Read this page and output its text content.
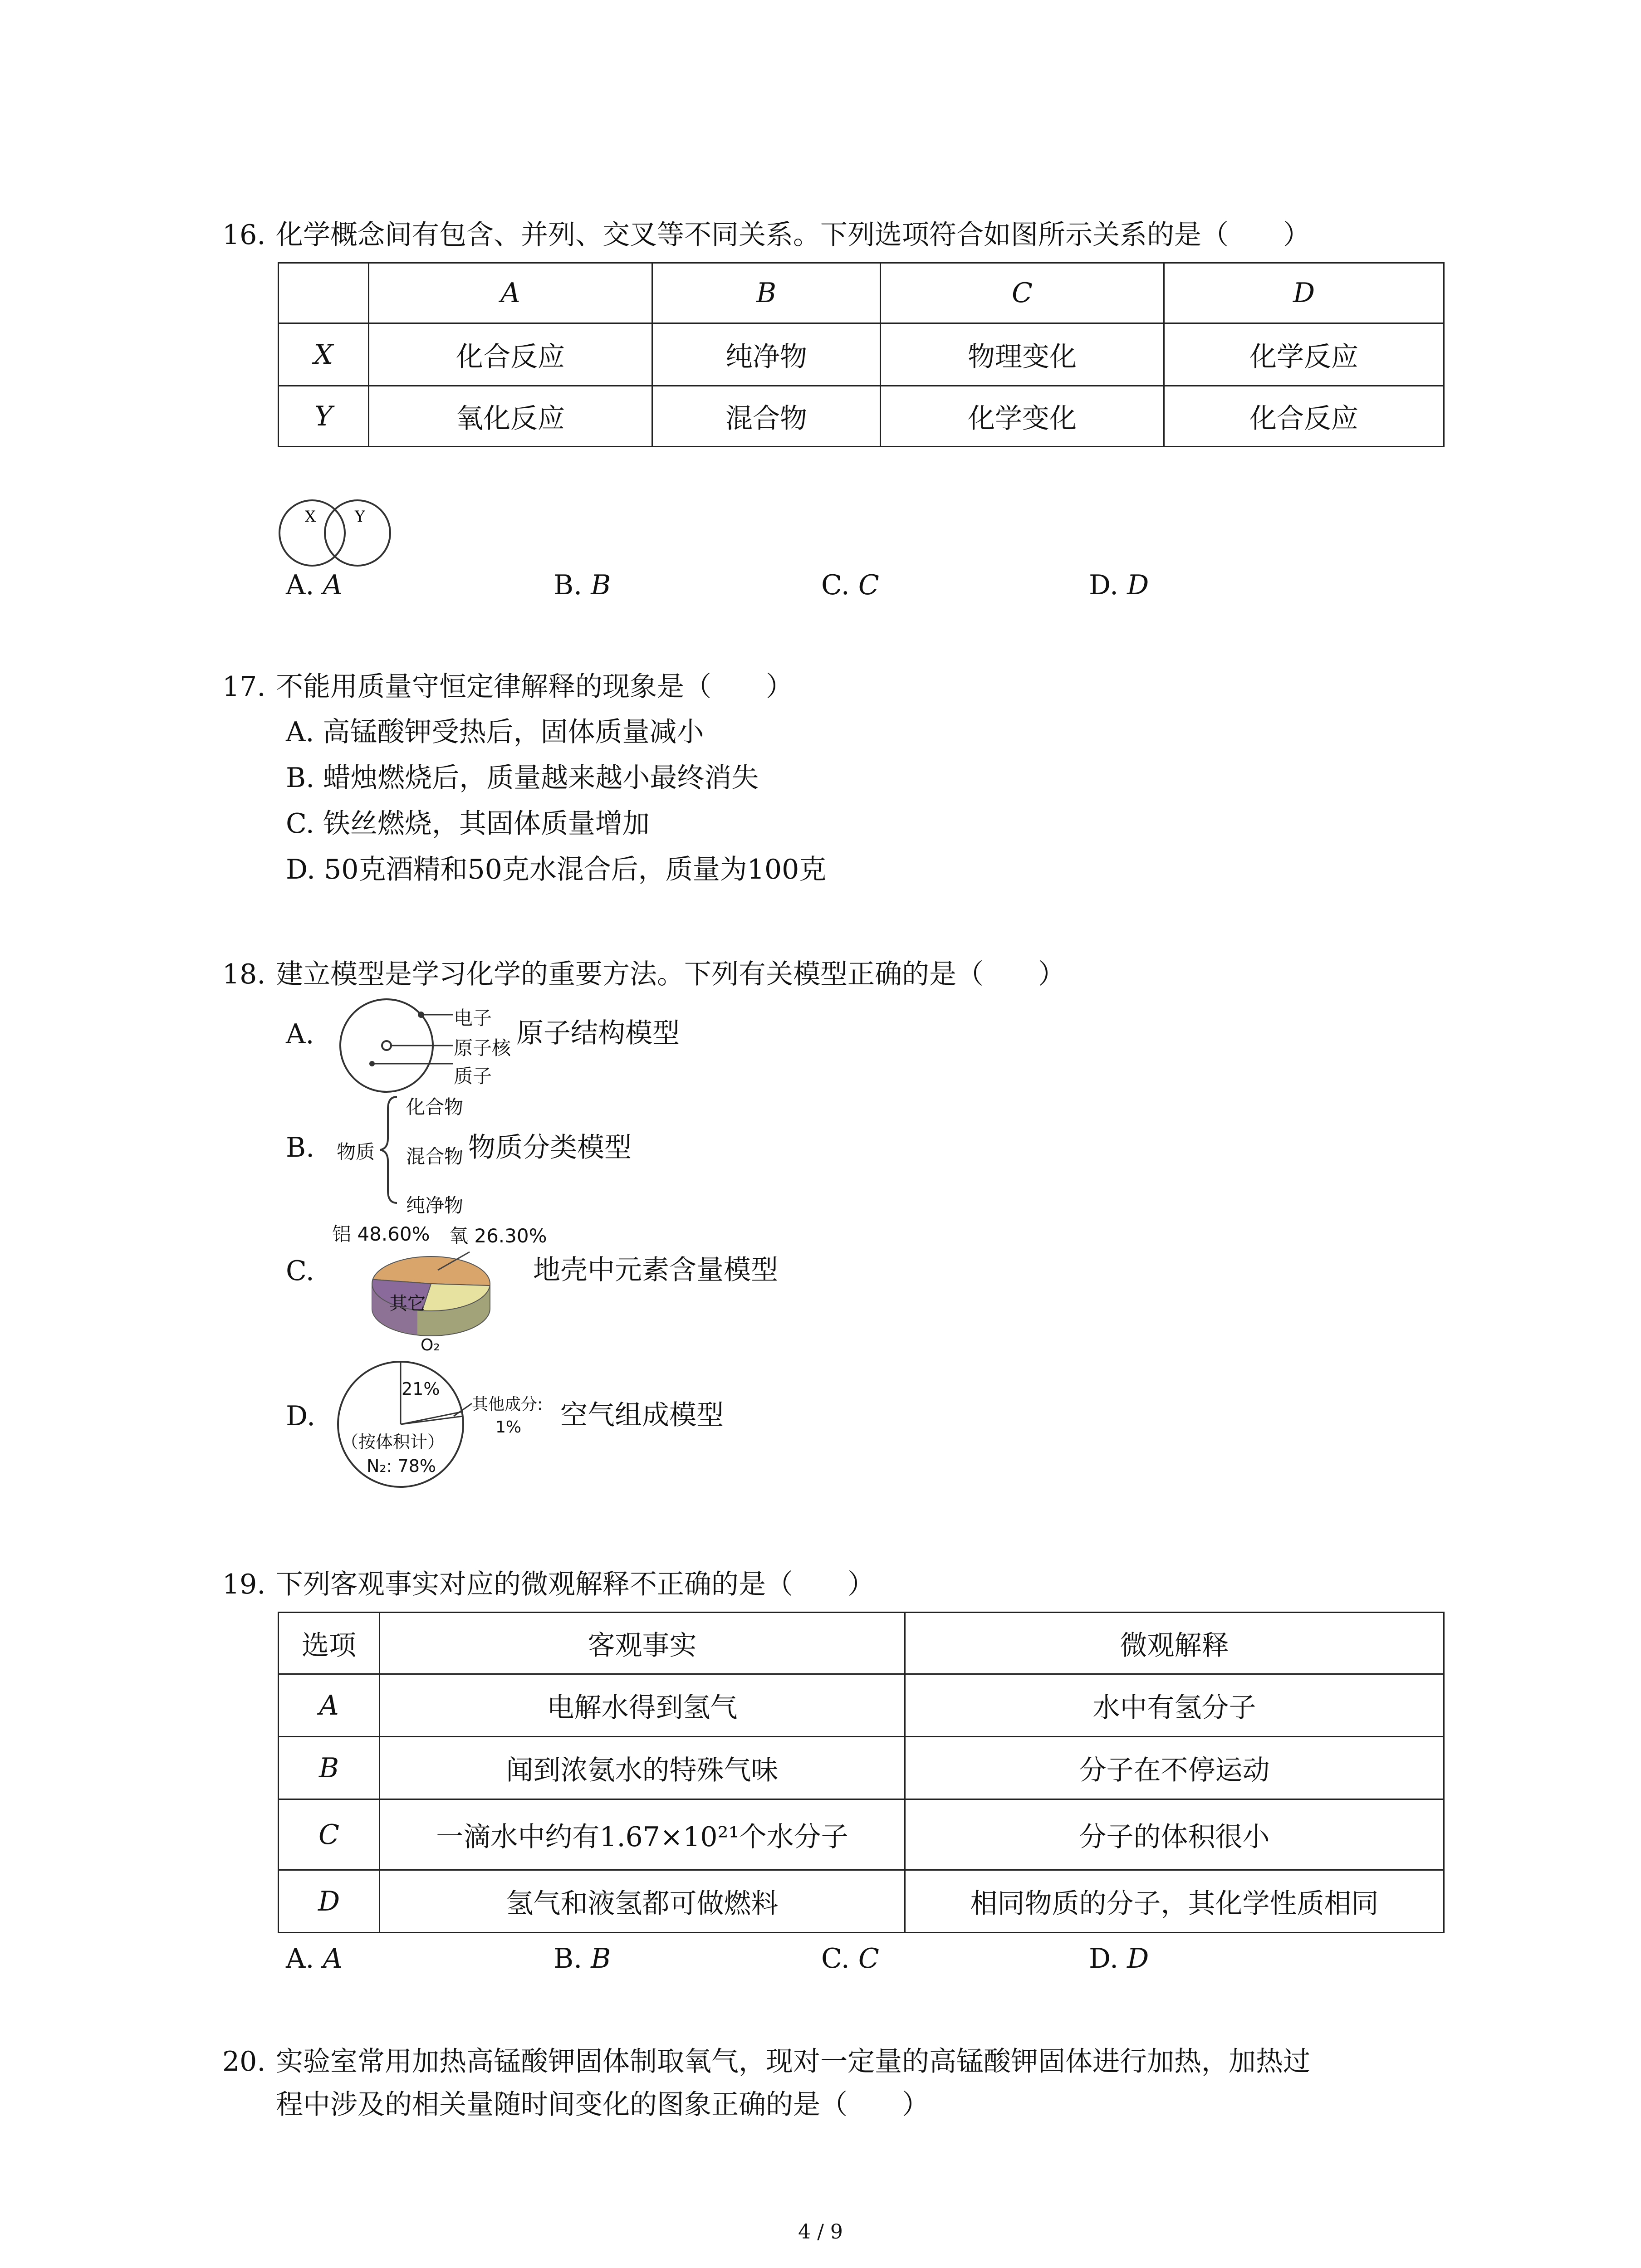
16. 化学概念间有包含、并列、交叉等不同关系。下列选项符合如图所示关系的是（　　）
	A	B	C	D
X	化合反应	纯净物	物理变化	化学反应
Y	氧化反应	混合物	化学变化	化合反应
X	Y
A. A	B. B	C. C	D. D
17. 不能用质量守恒定律解释的现象是（　　）
A. 高锰酸钾受热后，固体质量减小
B. 蜡烛燃烧后，质量越来越小最终消失
C. 铁丝燃烧，其固体质量增加
D. 50克酒精和50克水混合后，质量为100克
18. 建立模型是学习化学的重要方法。下列有关模型正确的是（　　）
A.
电子
原子核
质子
原子结构模型
B. 物质
化合物
混合物
纯净物
物质分类模型
C.
铝 48.60% 氧 26.30%
其它
地壳中元素含量模型
D.
O₂
21%
其他成分:
1%
（按体积计）
N₂: 78%
空气组成模型
19. 下列客观事实对应的微观解释不正确的是（　　）
选项	客观事实	微观解释
A	电解水得到氢气	水中有氢分子
B	闻到浓氨水的特殊气味	分子在不停运动
C	一滴水中约有1.67×10²¹个水分子	分子的体积很小
D	氢气和液氢都可做燃料	相同物质的分子，其化学性质相同
A. A	B. B	C. C	D. D
20. 实验室常用加热高锰酸钾固体制取氧气，现对一定量的高锰酸钾固体进行加热，加热过
程中涉及的相关量随时间变化的图象正确的是（　　）
4 / 9
